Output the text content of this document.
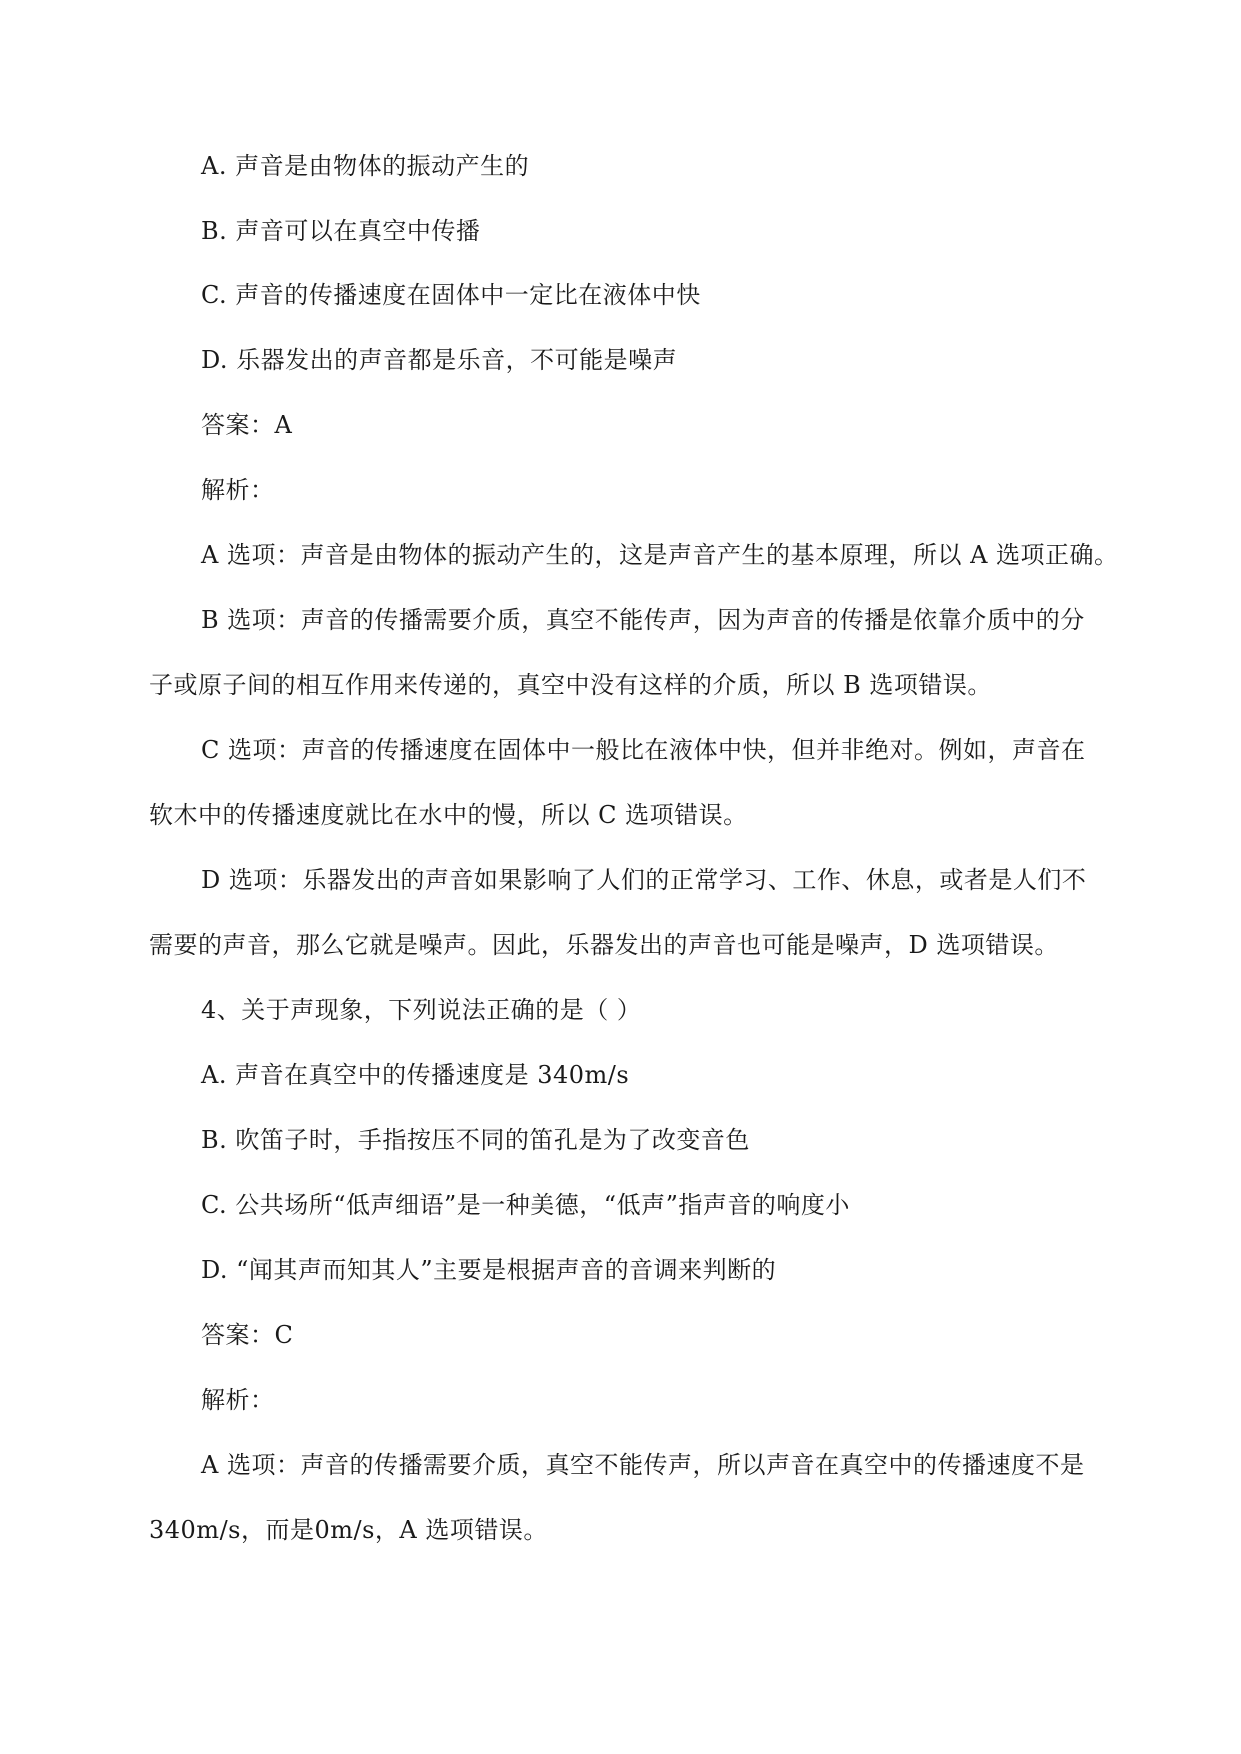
A. 声音是由物体的振动产生的
B. 声音可以在真空中传播
C. 声音的传播速度在固体中一定比在液体中快
D. 乐器发出的声音都是乐音，不可能是噪声
答案：A
解析：
A 选项：声音是由物体的振动产生的，这是声音产生的基本原理，所以 A 选项正确。
B 选项：声音的传播需要介质，真空不能传声，因为声音的传播是依靠介质中的分
子或原子间的相互作用来传递的，真空中没有这样的介质，所以 B 选项错误。
C 选项：声音的传播速度在固体中一般比在液体中快，但并非绝对。例如，声音在
软木中的传播速度就比在水中的慢，所以 C 选项错误。
D 选项：乐器发出的声音如果影响了人们的正常学习、工作、休息，或者是人们不
需要的声音，那么它就是噪声。因此，乐器发出的声音也可能是噪声，D 选项错误。
4、关于声现象，下列说法正确的是（ ）
A. 声音在真空中的传播速度是 340m/s
B. 吹笛子时，手指按压不同的笛孔是为了改变音色
C. 公共场所“低声细语”是一种美德，“低声”指声音的响度小
D. “闻其声而知其人”主要是根据声音的音调来判断的
答案：C
解析：
A 选项：声音的传播需要介质，真空不能传声，所以声音在真空中的传播速度不是
340m/s，而是0m/s，A 选项错误。
